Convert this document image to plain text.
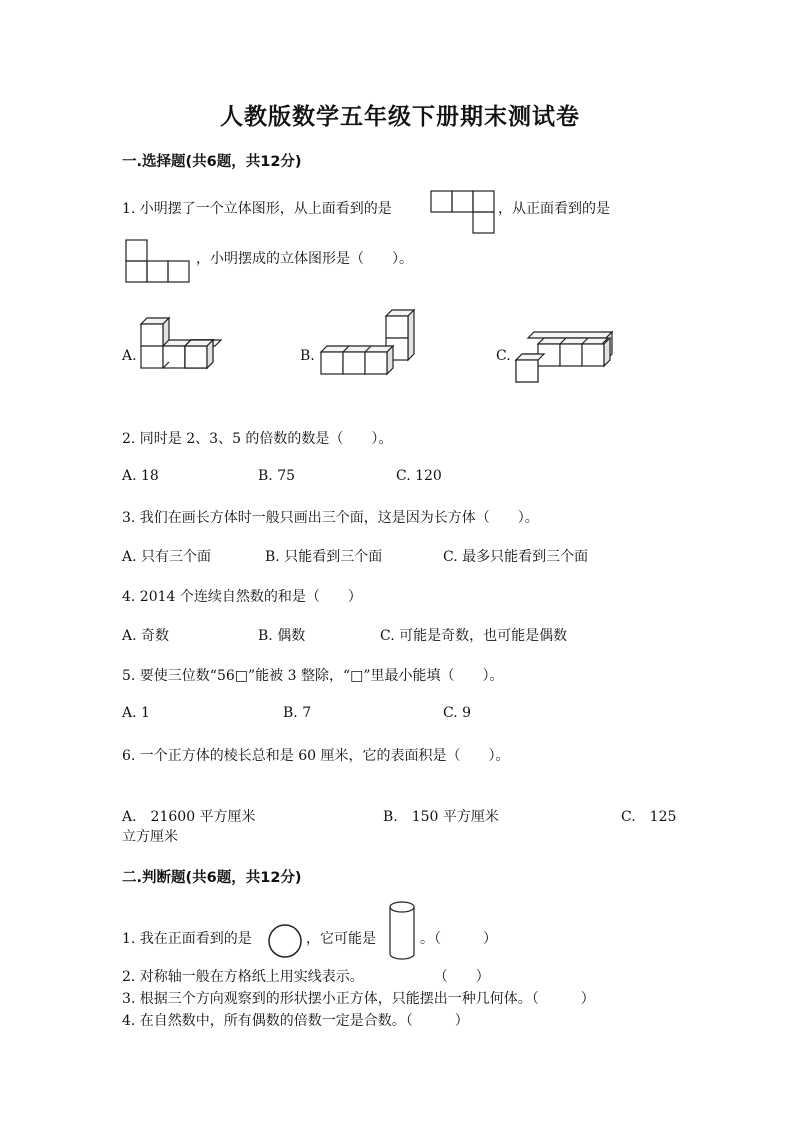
人教版数学五年级下册期末测试卷
一.选择题(共6题，共12分)
1. 小明摆了一个立体图形，从上面看到的是	，从正面看到的是
，小明摆成的立体图形是（　　）。
A.	B.	C.
2. 同时是 2、3、5 的倍数的数是（　　）。
A. 18	B. 75	C. 120
3. 我们在画长方体时一般只画出三个面，这是因为长方体（　　）。
A. 只有三个面	B. 只能看到三个面	C. 最多只能看到三个面
4. 2014 个连续自然数的和是（　　）
A. 奇数	B. 偶数	C. 可能是奇数，也可能是偶数
5. 要使三位数“56□”能被 3 整除，“□”里最小能填（　　）。
A. 1	B. 7	C. 9
6. 一个正方体的棱长总和是 60 厘米，它的表面积是（　　）。
A.　21600 平方厘米	B.　150 平方厘米	C.　125
立方厘米
二.判断题(共6题，共12分)
1. 我在正面看到的是	，它可能是	。（　　　）
2. 对称轴一般在方格纸上用实线表示。　　　　　　（　　）
3. 根据三个方向观察到的形状摆小正方体，只能摆出一种几何体。（　　　）
4. 在自然数中，所有偶数的倍数一定是合数。（　　　）
